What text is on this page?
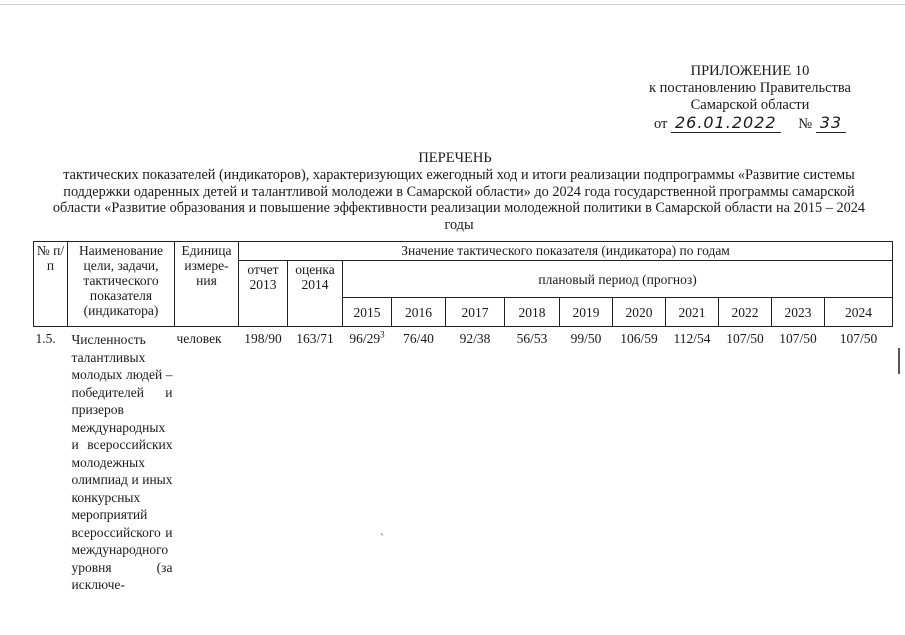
ПРИЛОЖЕНИЕ 10
к постановлению Правительства
Самарской области
от 26.01.2022 № 33
ПЕРЕЧЕНЬ
тактических показателей (индикаторов), характеризующих ежегодный ход и итоги реализации подпрограммы «Развитие системы поддержки одаренных детей и талантливой молодежи в Самарской области» до 2024 года государственной программы самарской области «Развитие образования и повышение эффективности реализации молодежной политики в Самарской области на 2015 – 2024 годы
№ п/п	Наименование цели, задачи, тактического показателя (индикатора)	Единица измере-ния	Значение тактического показателя (индикатора) по годам											
			отчет 2013	оценка 2014	плановый период (прогноз)									
					2015	2016	2017	2018	2019	2020	2021	2022	2023	2024
1.5.	Численность талантливых молодых людей – победителей и призеров международных и всероссийских молодежных олимпиад и иных конкурсных мероприятий всероссийского и международного уровня (за исключе-	человек	198/90	163/71	$96/29^3$	76/40	92/38	56/53	99/50	106/59	112/54	107/50	107/50	107/50
ˎ
